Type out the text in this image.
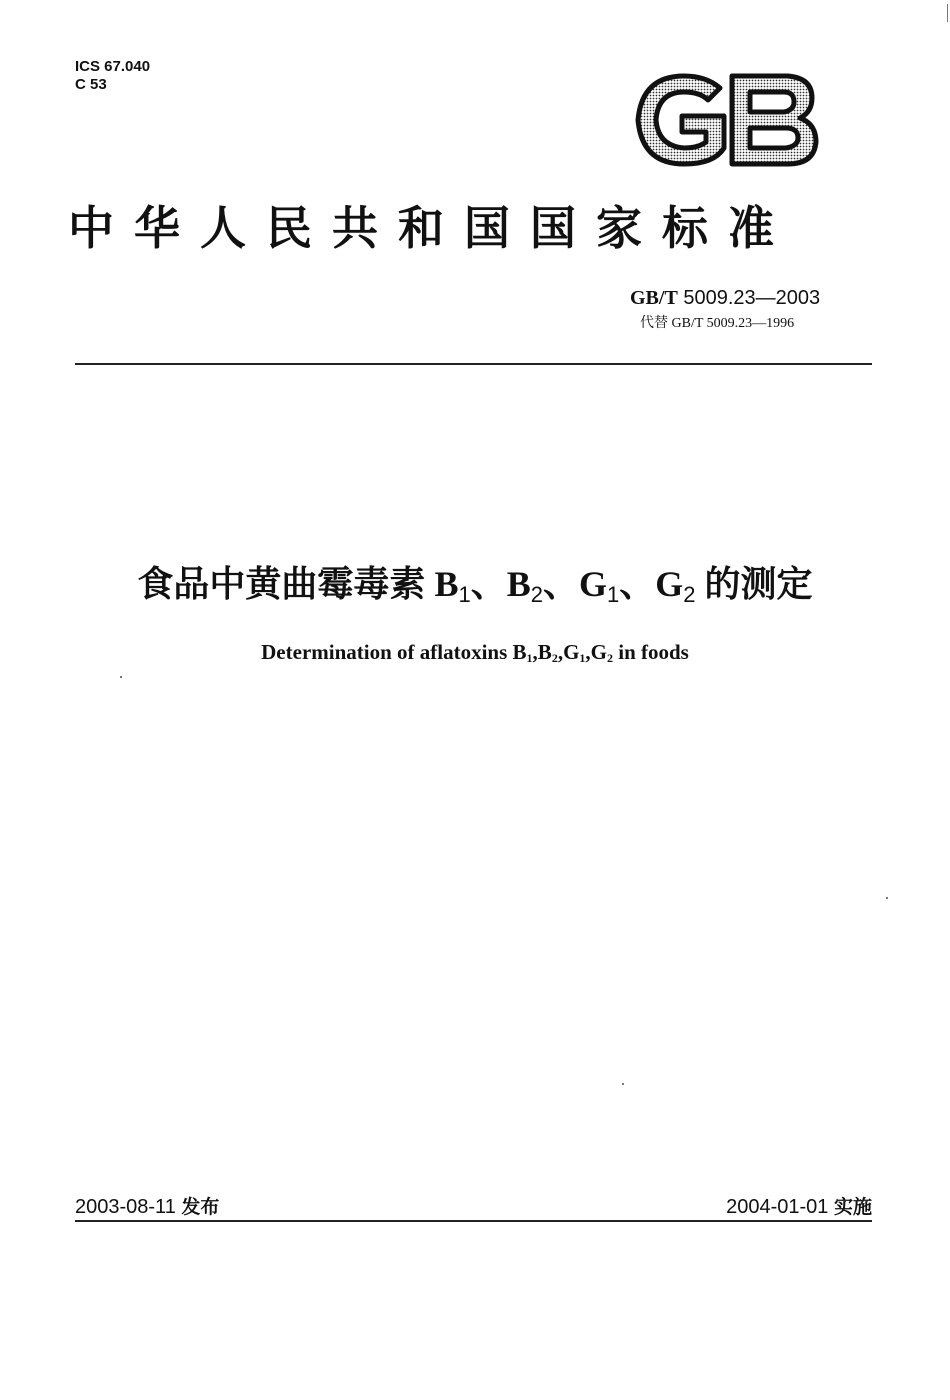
ICS 67.040
C 53
中华人民共和国国家标准
GB/T 5009.23—2003
代替 GB/T 5009.23—1996
食品中黄曲霉毒素 $B_1$、$B_2$、$G_1$、$G_2$ 的测定
Determination of aflatoxins $B_1,B_2,G_1,G_2$ in foods
2003-08-11 发布	2004-01-01 实施
